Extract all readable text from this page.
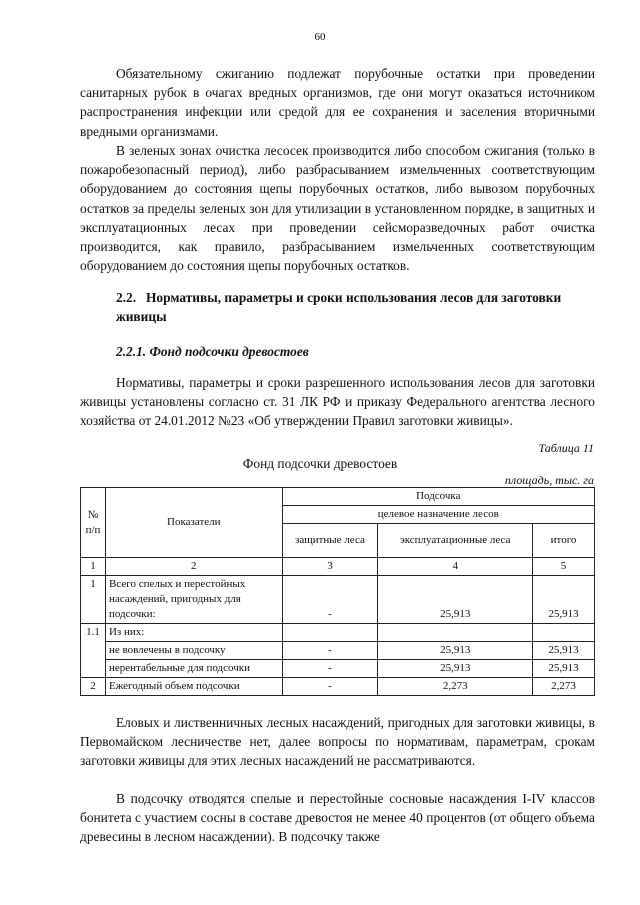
60

Обязательному сжиганию подлежат порубочные остатки при проведении санитарных рубок в очагах вредных организмов, где они могут оказаться источником распространения инфекции или средой для ее сохранения и заселения вторичными вредными организмами.

В зеленых зонах очистка лесосек производится либо способом сжигания (только в пожаробезопасный период), либо разбрасыванием измельченных соответствующим оборудованием до состояния щепы порубочных остатков, либо вывозом порубочных остатков за пределы зеленых зон для утилизации в установленном порядке, в защитных и эксплуатационных лесах при проведении сейсморазведочных работ очистка производится, как правило, разбрасыванием измельченных соответствующим оборудованием до состояния щепы порубочных остатков.

2.2. Нормативы, параметры и сроки использования лесов для заготовки живицы
2.2.1. Фонд подсочки древостоев

Нормативы, параметры и сроки разрешенного использования лесов для заготовки живицы установлены согласно ст. 31 ЛК РФ и приказу Федерального агентства лесного хозяйства от 24.01.2012 №23 «Об утверждении Правил заготовки живицы».

Таблица 11
Фонд подсочки древостоев
площадь, тыс. га
№ п/п	Показатели	Подсочка		
		целевое назначение лесов		
		защитные леса	эксплуатационные леса	итого
1	2	3	4	5
1	Всего спелых и перестойных насаждений, пригодных для подсочки:	-	25,913	25,913
1.1	Из них:			
	не вовлечены в подсочку	-	25,913	25,913
	нерентабельные для подсочки	-	25,913	25,913
2	Ежегодный объем подсочки	-	2,273	2,273

Еловых и лиственничных лесных насаждений, пригодных для заготовки живицы, в Первомайском лесничестве нет, далее вопросы по нормативам, параметрам, срокам заготовки живицы для этих лесных насаждений не рассматриваются.

В подсочку отводятся спелые и перестойные сосновые насаждения I-IV классов бонитета с участием сосны в составе древостоя не менее 40 процентов (от общего объема древесины в лесном насаждении). В подсочку также
